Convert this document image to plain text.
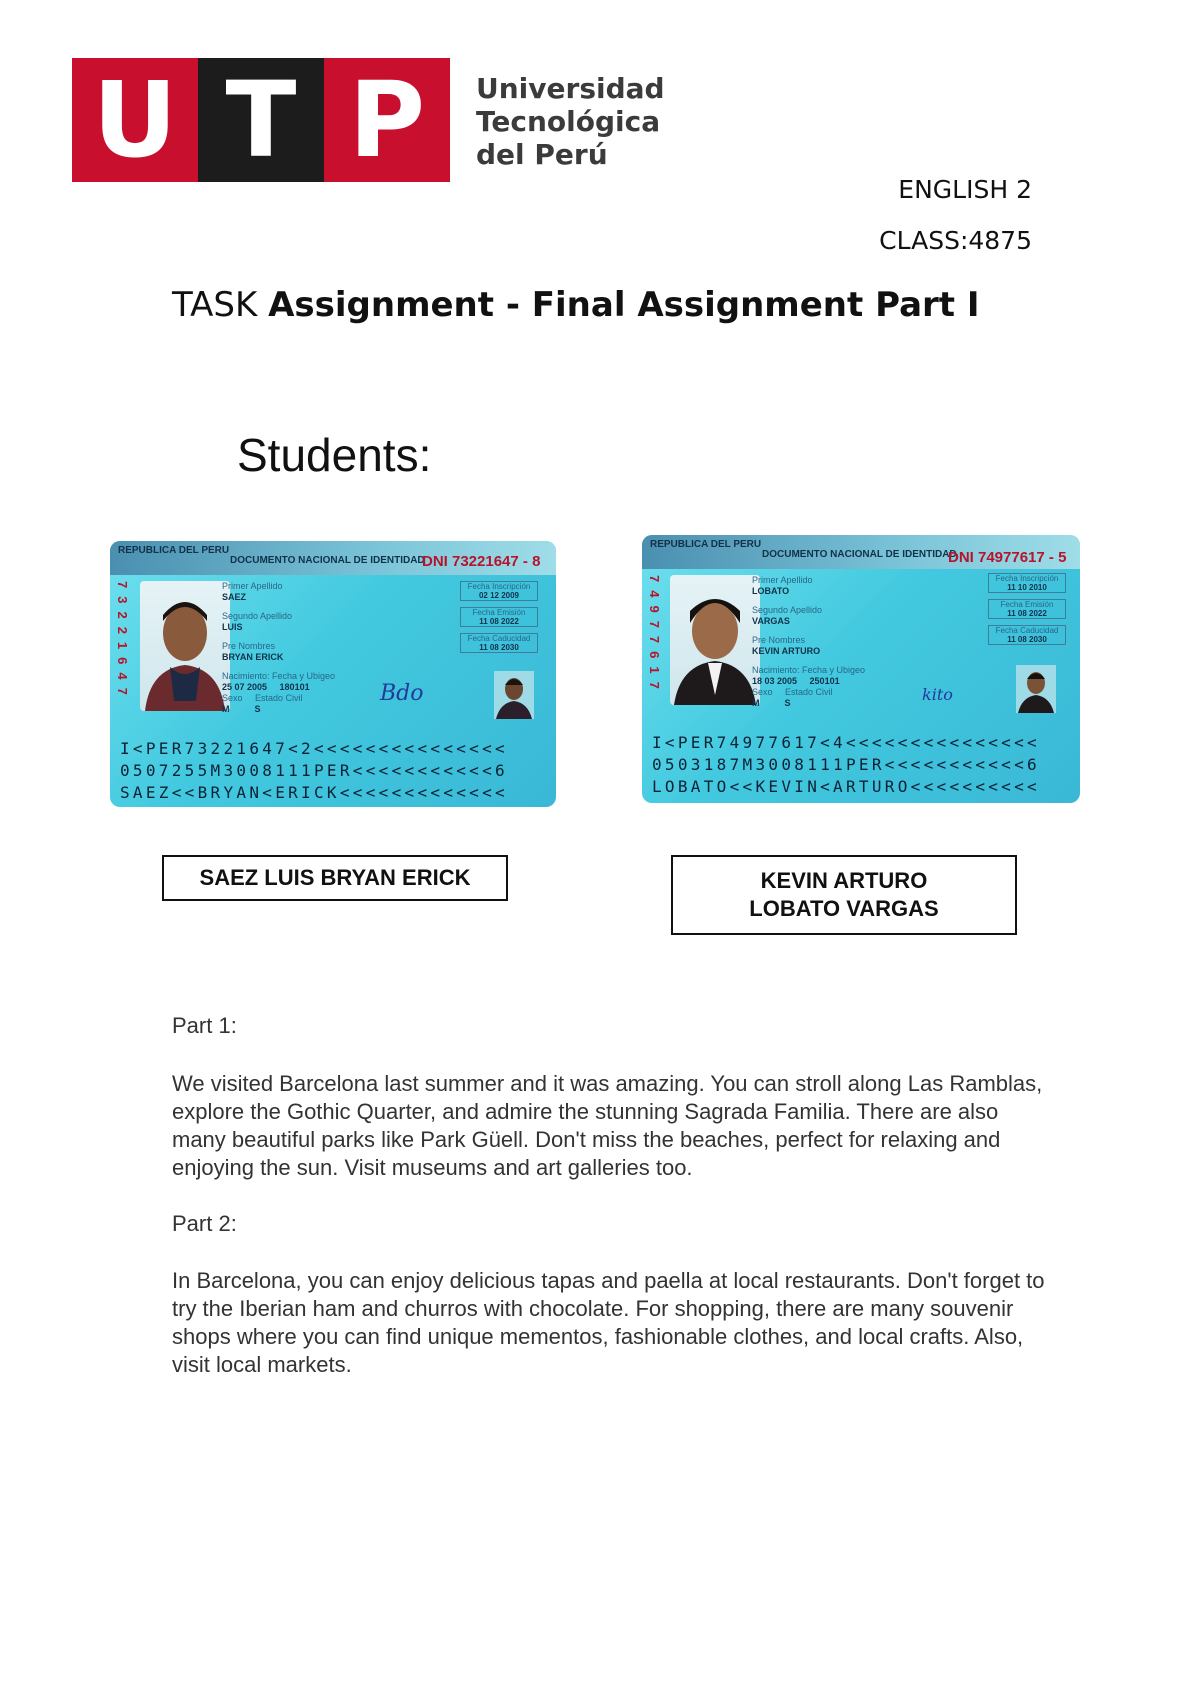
U T P	Universidad
Tecnológica
del Perú
ENGLISH 2
CLASS:4875
TASK Assignment - Final Assignment Part I
Students:
REPUBLICA DEL PERU
DOCUMENTO NACIONAL DE IDENTIDAD
DNI 73221647 - 8
73221647	Primer Apellido
SAEZ
Segundo Apellido
LUIS
Pre Nombres
BRYAN ERICK
Nacimiento: Fecha y Ubigeo
25 07 2005     180101
Sexo     Estado Civil
M          S
Fecha Inscripción
02 12 2009
Fecha Emisión
11 08 2022
Fecha Caducidad
11 08 2030
Bdo
I<PER73221647<2<<<<<<<<<<<<<<<
0507255M3008111PER<<<<<<<<<<<6
SAEZ<<BRYAN<ERICK<<<<<<<<<<<<<
REPUBLICA DEL PERU
DOCUMENTO NACIONAL DE IDENTIDAD
DNI 74977617 - 5
74977617	Primer Apellido
LOBATO
Segundo Apellido
VARGAS
Pre Nombres
KEVIN ARTURO
Nacimiento: Fecha y Ubigeo
18 03 2005     250101
Sexo     Estado Civil
M          S
Fecha Inscripción
11 10 2010
Fecha Emisión
11 08 2022
Fecha Caducidad
11 08 2030
kito
I<PER74977617<4<<<<<<<<<<<<<<<
0503187M3008111PER<<<<<<<<<<<6
LOBATO<<KEVIN<ARTURO<<<<<<<<<<
SAEZ LUIS BRYAN ERICK	KEVIN ARTURO LOBATO VARGAS
Part 1:
We visited Barcelona last summer and it was amazing. You can stroll along Las Ramblas, explore the Gothic Quarter, and admire the stunning Sagrada Familia. There are also many beautiful parks like Park Güell. Don't miss the beaches, perfect for relaxing and enjoying the sun. Visit museums and art galleries too.
Part 2:
In Barcelona, you can enjoy delicious tapas and paella at local restaurants. Don't forget to try the Iberian ham and churros with chocolate. For shopping, there are many souvenir shops where you can find unique mementos, fashionable clothes, and local crafts. Also, visit local markets.
